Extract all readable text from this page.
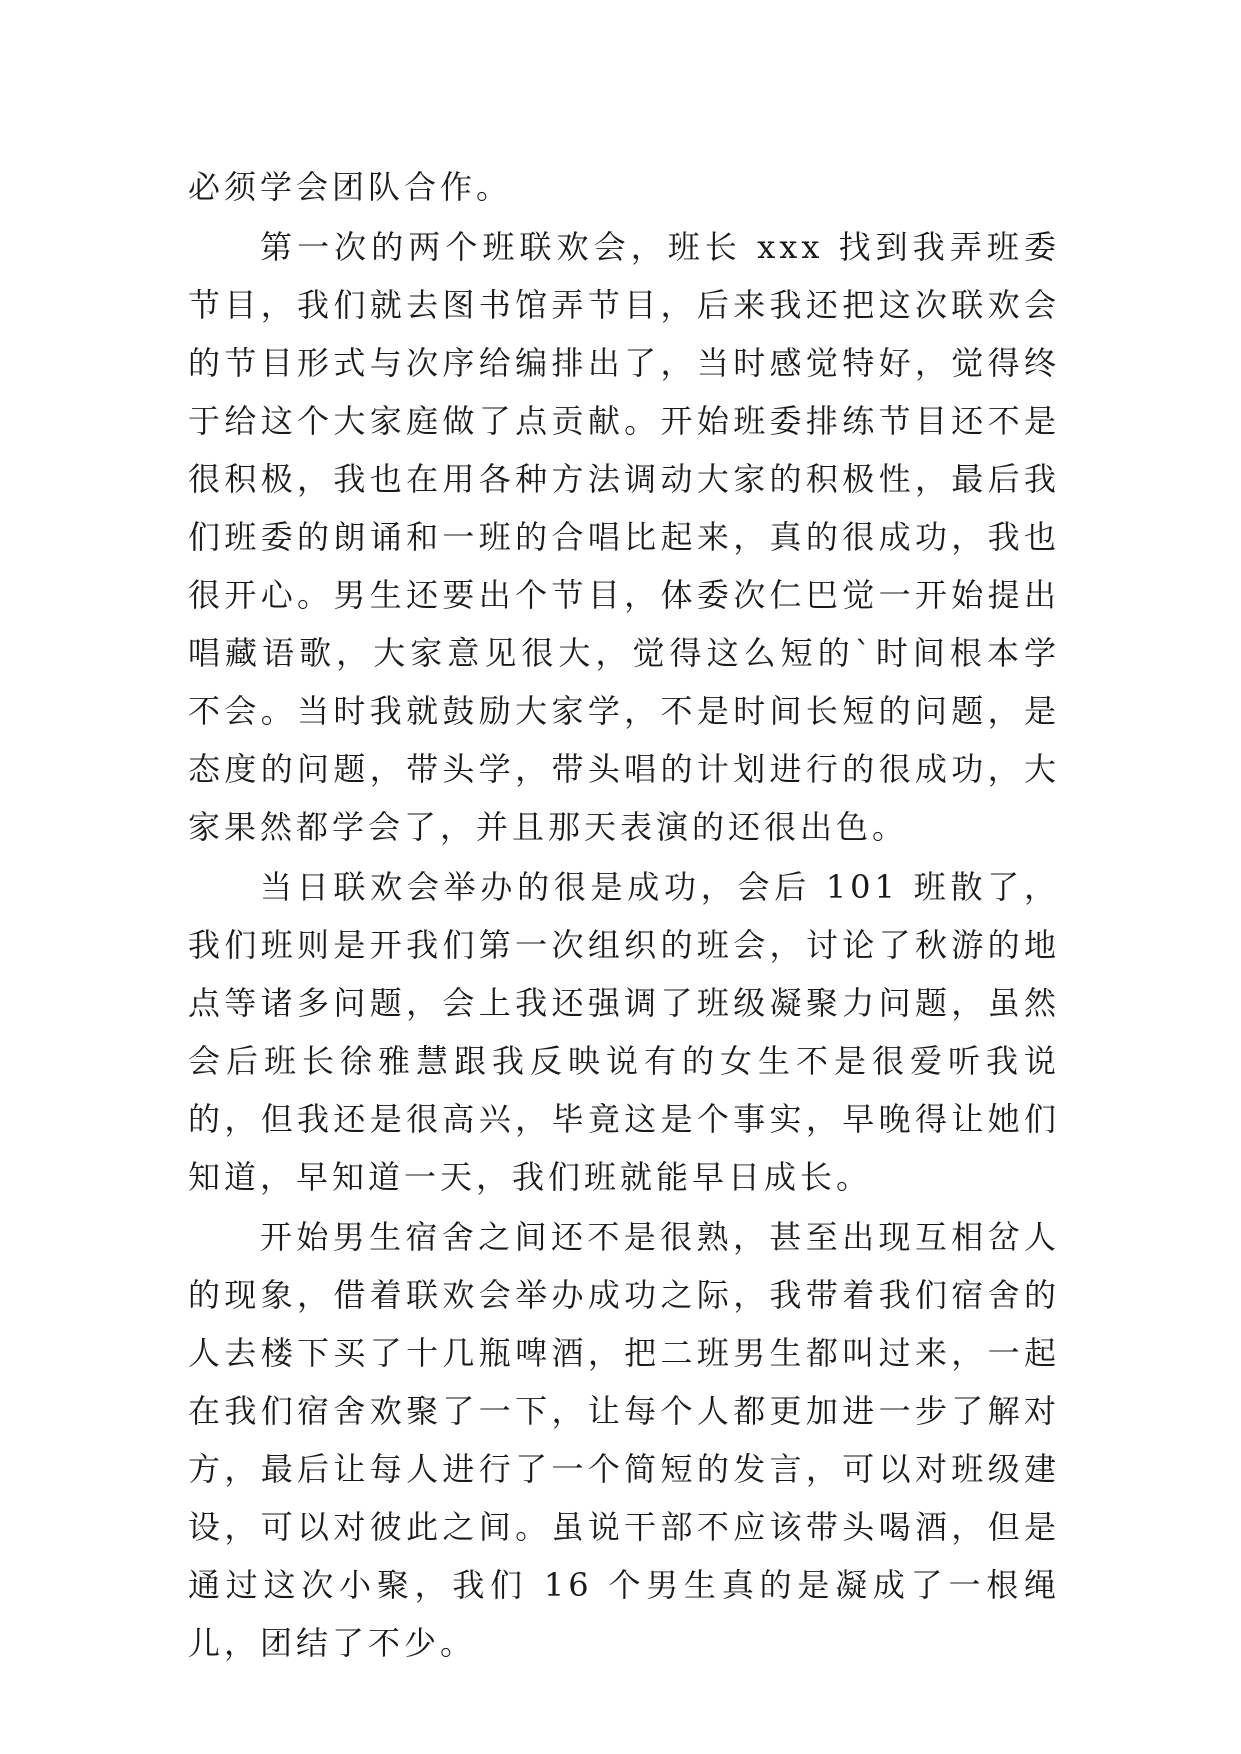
必须学会团队合作。

第一次的两个班联欢会，班长 xxx 找到我弄班委节目，我们就去图书馆弄节目，后来我还把这次联欢会的节目形式与次序给编排出了，当时感觉特好，觉得终于给这个大家庭做了点贡献。开始班委排练节目还不是很积极，我也在用各种方法调动大家的积极性，最后我们班委的朗诵和一班的合唱比起来，真的很成功，我也很开心。男生还要出个节目，体委次仁巴觉一开始提出唱藏语歌，大家意见很大，觉得这么短的`时间根本学不会。当时我就鼓励大家学，不是时间长短的问题，是态度的问题，带头学，带头唱的计划进行的很成功，大家果然都学会了，并且那天表演的还很出色。

当日联欢会举办的很是成功，会后 101 班散了，我们班则是开我们第一次组织的班会，讨论了秋游的地点等诸多问题，会上我还强调了班级凝聚力问题，虽然会后班长徐雅慧跟我反映说有的女生不是很爱听我说的，但我还是很高兴，毕竟这是个事实，早晚得让她们知道，早知道一天，我们班就能早日成长。

开始男生宿舍之间还不是很熟，甚至出现互相岔人的现象，借着联欢会举办成功之际，我带着我们宿舍的人去楼下买了十几瓶啤酒，把二班男生都叫过来，一起在我们宿舍欢聚了一下，让每个人都更加进一步了解对方，最后让每人进行了一个简短的发言，可以对班级建设，可以对彼此之间。虽说干部不应该带头喝酒，但是通过这次小聚，我们 16 个男生真的是凝成了一根绳儿，团结了不少。
